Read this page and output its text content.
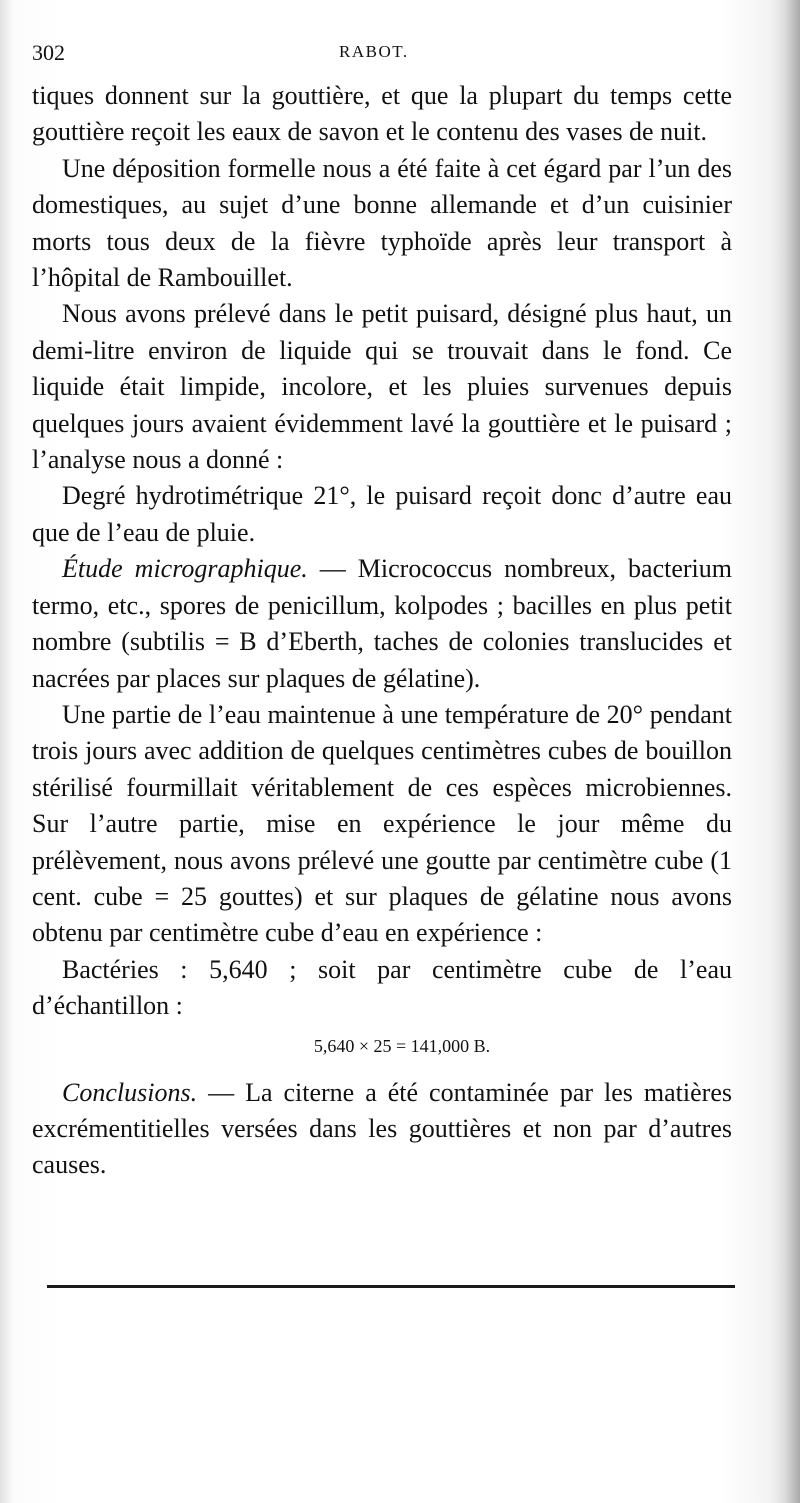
302	RABOT.

tiques donnent sur la gouttière, et que la plupart du temps cette gouttière reçoit les eaux de savon et le contenu des vases de nuit.

Une déposition formelle nous a été faite à cet égard par l’un des domestiques, au sujet d’une bonne allemande et d’un cuisinier morts tous deux de la fièvre typhoïde après leur transport à l’hôpital de Rambouillet.

Nous avons prélevé dans le petit puisard, désigné plus haut, un demi-litre environ de liquide qui se trouvait dans le fond. Ce liquide était limpide, incolore, et les pluies survenues depuis quelques jours avaient évidemment lavé la gouttière et le puisard ; l’analyse nous a donné :

Degré hydrotimétrique 21°, le puisard reçoit donc d’autre eau que de l’eau de pluie.

Étude micrographique. — Micrococcus nombreux, bacterium termo, etc., spores de penicillum, kolpodes ; bacilles en plus petit nombre (subtilis = B d’Eberth, taches de colonies translucides et nacrées par places sur plaques de gélatine).

Une partie de l’eau maintenue à une température de 20° pendant trois jours avec addition de quelques centimètres cubes de bouillon stérilisé fourmillait véritablement de ces espèces microbiennes. Sur l’autre partie, mise en expérience le jour même du prélèvement, nous avons prélevé une goutte par centimètre cube (1 cent. cube = 25 gouttes) et sur plaques de gélatine nous avons obtenu par centimètre cube d’eau en expérience :

Bactéries : 5,640 ; soit par centimètre cube de l’eau d’échantillon :

5,640 × 25 = 141,000 B.

Conclusions. — La citerne a été contaminée par les matières excrémentitielles versées dans les gouttières et non par d’autres causes.
